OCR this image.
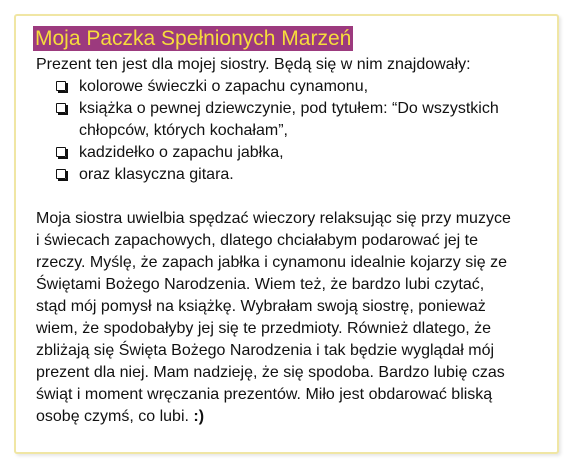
Moja Paczka Spełnionych Marzeń
Prezent ten jest dla mojej siostry. Będą się w nim znajdowały:
kolorowe świeczki o zapachu cynamonu,
książka o pewnej dziewczynie, pod tytułem: “Do wszystkich
chłopców, których kochałam”,
kadzidełko o zapachu jabłka,
oraz klasyczna gitara.
Moja siostra uwielbia spędzać wieczory relaksując się przy muzyce
i świecach zapachowych, dlatego chciałabym podarować jej te
rzeczy. Myślę, że zapach jabłka i cynamonu idealnie kojarzy się ze
Świętami Bożego Narodzenia. Wiem też, że bardzo lubi czytać,
stąd mój pomysł na książkę. Wybrałam swoją siostrę, ponieważ
wiem, że spodobałyby jej się te przedmioty. Również dlatego, że
zbliżają się Święta Bożego Narodzenia i tak będzie wyglądał mój
prezent dla niej. Mam nadzieję, że się spodoba. Bardzo lubię czas
świąt i moment wręczania prezentów. Miło jest obdarować bliską
osobę czymś, co lubi. :)
